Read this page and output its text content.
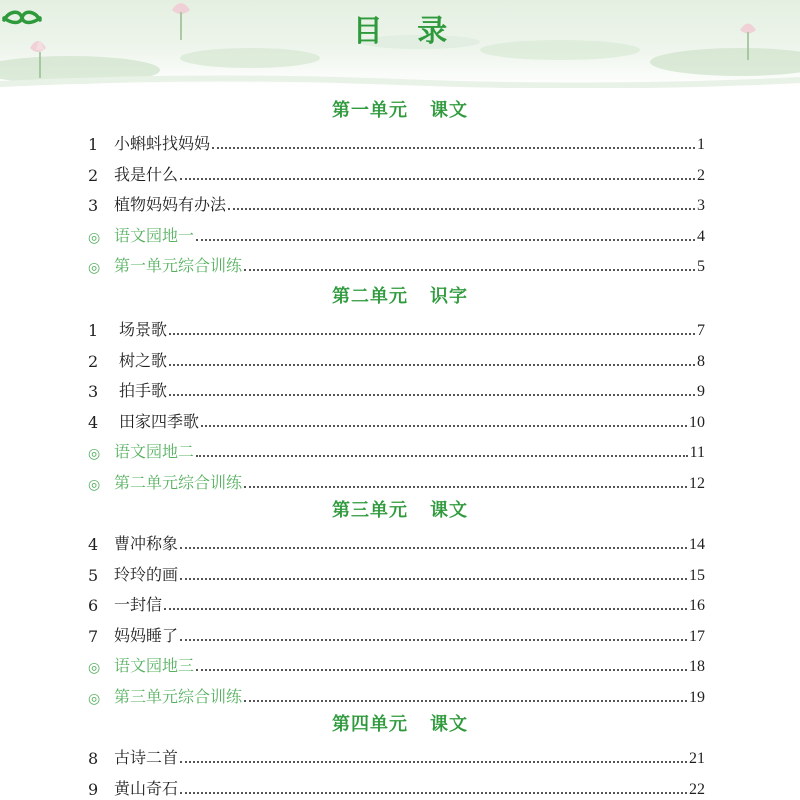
目 录
第一单元 课文
1 小蝌蚪找妈妈	1
2 我是什么	2
3 植物妈妈有办法	3
◎ 语文园地一	4
◎ 第一单元综合训练	5
第二单元 识字
1	场景歌	7
2	树之歌	8
3	拍手歌	9
4	田家四季歌	10
◎ 语文园地二	11
◎ 第二单元综合训练	12
第三单元 课文
4 曹冲称象	14
5 玲玲的画	15
6 一封信	16
7 妈妈睡了	17
◎ 语文园地三	18
◎ 第三单元综合训练	19
第四单元 课文
8 古诗二首	21
9 黄山奇石	22
